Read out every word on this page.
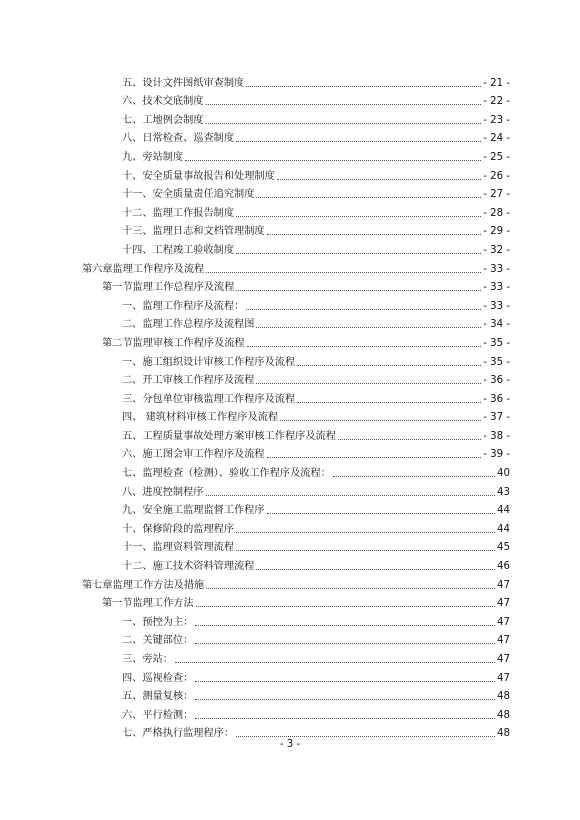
五、设计文件图纸审查制度	- 21 -
六、技术交底制度	- 22 -
七、工地例会制度	- 23 -
八、日常检查、巡查制度	- 24 -
九、旁站制度	- 25 -
十、安全质量事故报告和处理制度	- 26 -
十一、安全质量责任追究制度	- 27 -
十二、监理工作报告制度	- 28 -
十三、监理日志和文档管理制度	- 29 -
十四、工程竣工验收制度	- 32 -
第六章监理工作程序及流程	- 33 -
第一节监理工作总程序及流程	- 33 -
一、监理工作程序及流程：	- 33 -
二、监理工作总程序及流程图	- 34 -
第二节监理审核工作程序及流程	- 35 -
一、施工组织设计审核工作程序及流程	- 35 -
二、开工审核工作程序及流程	- 36 -
三、分包单位审核监理工作程序及流程	- 36 -
四、 建筑材料审核工作程序及流程	- 37 -
五、工程质量事故处理方案审核工作程序及流程	- 38 -
六、施工图会审工作程序及流程	- 39 -
七、监理检查（检测）、验收工作程序及流程：	40
八、进度控制程序	43
九、安全施工监理监督工作程序	44
十、保修阶段的监理程序	44
十一、监理资料管理流程	45
十二、施工技术资料管理流程	46
第七章监理工作方法及措施	47
第一节监理工作方法	47
一、预控为主：	47
二、关键部位：	47
三、旁站：	47
四、巡视检查：	47
五、测量复核：	48
六、平行检测：	48
七、严格执行监理程序：	48
- 3 -
